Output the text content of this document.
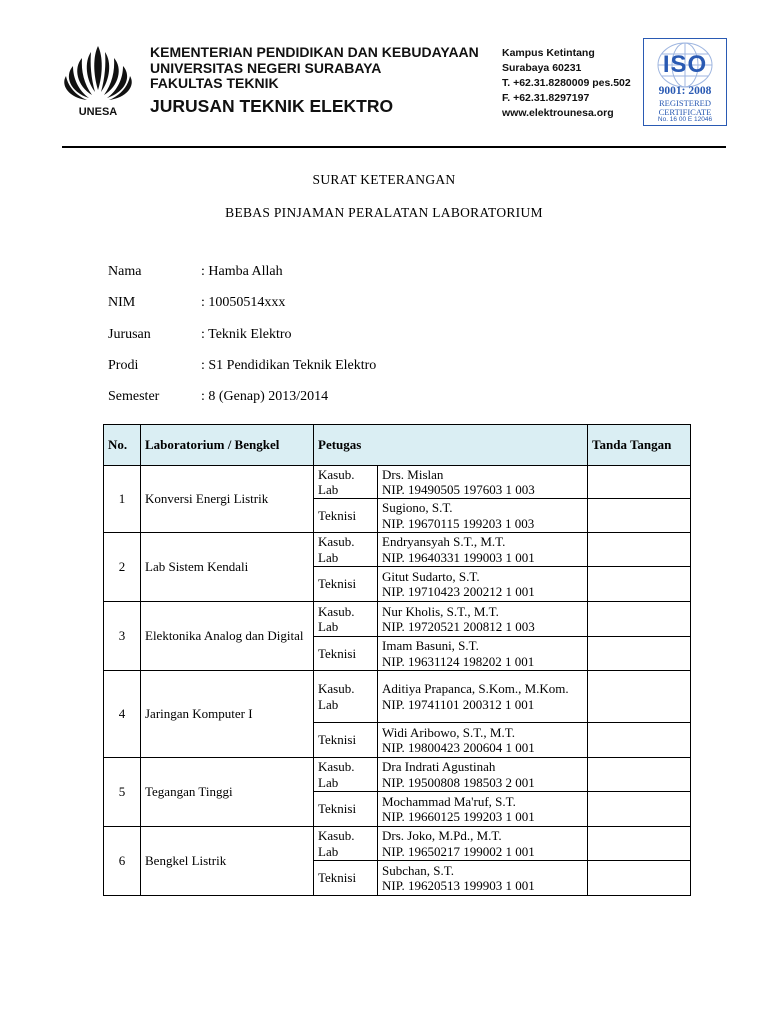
UNESA
KEMENTERIAN PENDIDIKAN DAN KEBUDAYAAN
UNIVERSITAS NEGERI SURABAYA
FAKULTAS TEKNIK
JURUSAN TEKNIK ELEKTRO
Kampus Ketintang
Surabaya 60231
T. +62.31.8280009 pes.502
F. +62.31.8297197
www.elektrounesa.org
ISO
9001: 2008
REGISTERED
CERTIFICATE
No. 16 00 E 12046
SURAT KETERANGAN
BEBAS PINJAMAN PERALATAN LABORATORIUM
Nama	: Hamba Allah
NIM	: 10050514xxx
Jurusan	: Teknik Elektro
Prodi	: S1 Pendidikan Teknik Elektro
Semester	: 8 (Genap) 2013/2014
No.	Laboratorium / Bengkel	Petugas		Tanda Tangan
1	Konversi Energi Listrik	Kasub. Lab	Drs. Mislan
NIP. 19490505 197603 1 003	

		Teknisi	Sugiono, S.T.
NIP. 19670115 199203 1 003	

2	Lab Sistem Kendali	Kasub. Lab	Endryansyah S.T., M.T.
NIP. 19640331 199003 1 001	

		Teknisi	Gitut Sudarto, S.T.
NIP. 19710423 200212 1 001	

3	Elektonika Analog dan Digital	Kasub. Lab	Nur Kholis, S.T., M.T.
NIP. 19720521 200812 1 003	

		Teknisi	Imam Basuni, S.T.
NIP. 19631124 198202 1 001	

4	Jaringan Komputer I	Kasub. Lab	Aditiya Prapanca, S.Kom., M.Kom.
NIP. 19741101 200312 1 001	

		Teknisi	Widi Aribowo, S.T., M.T.
NIP. 19800423 200604 1 001	

5	Tegangan Tinggi	Kasub. Lab	Dra Indrati Agustinah
NIP. 19500808 198503 2 001	

		Teknisi	Mochammad Ma'ruf, S.T.
NIP. 19660125 199203 1 001	

6	Bengkel Listrik	Kasub. Lab	Drs. Joko, M.Pd., M.T.
NIP. 19650217 199002 1 001	

		Teknisi	Subchan, S.T.
NIP. 19620513 199903 1 001	
